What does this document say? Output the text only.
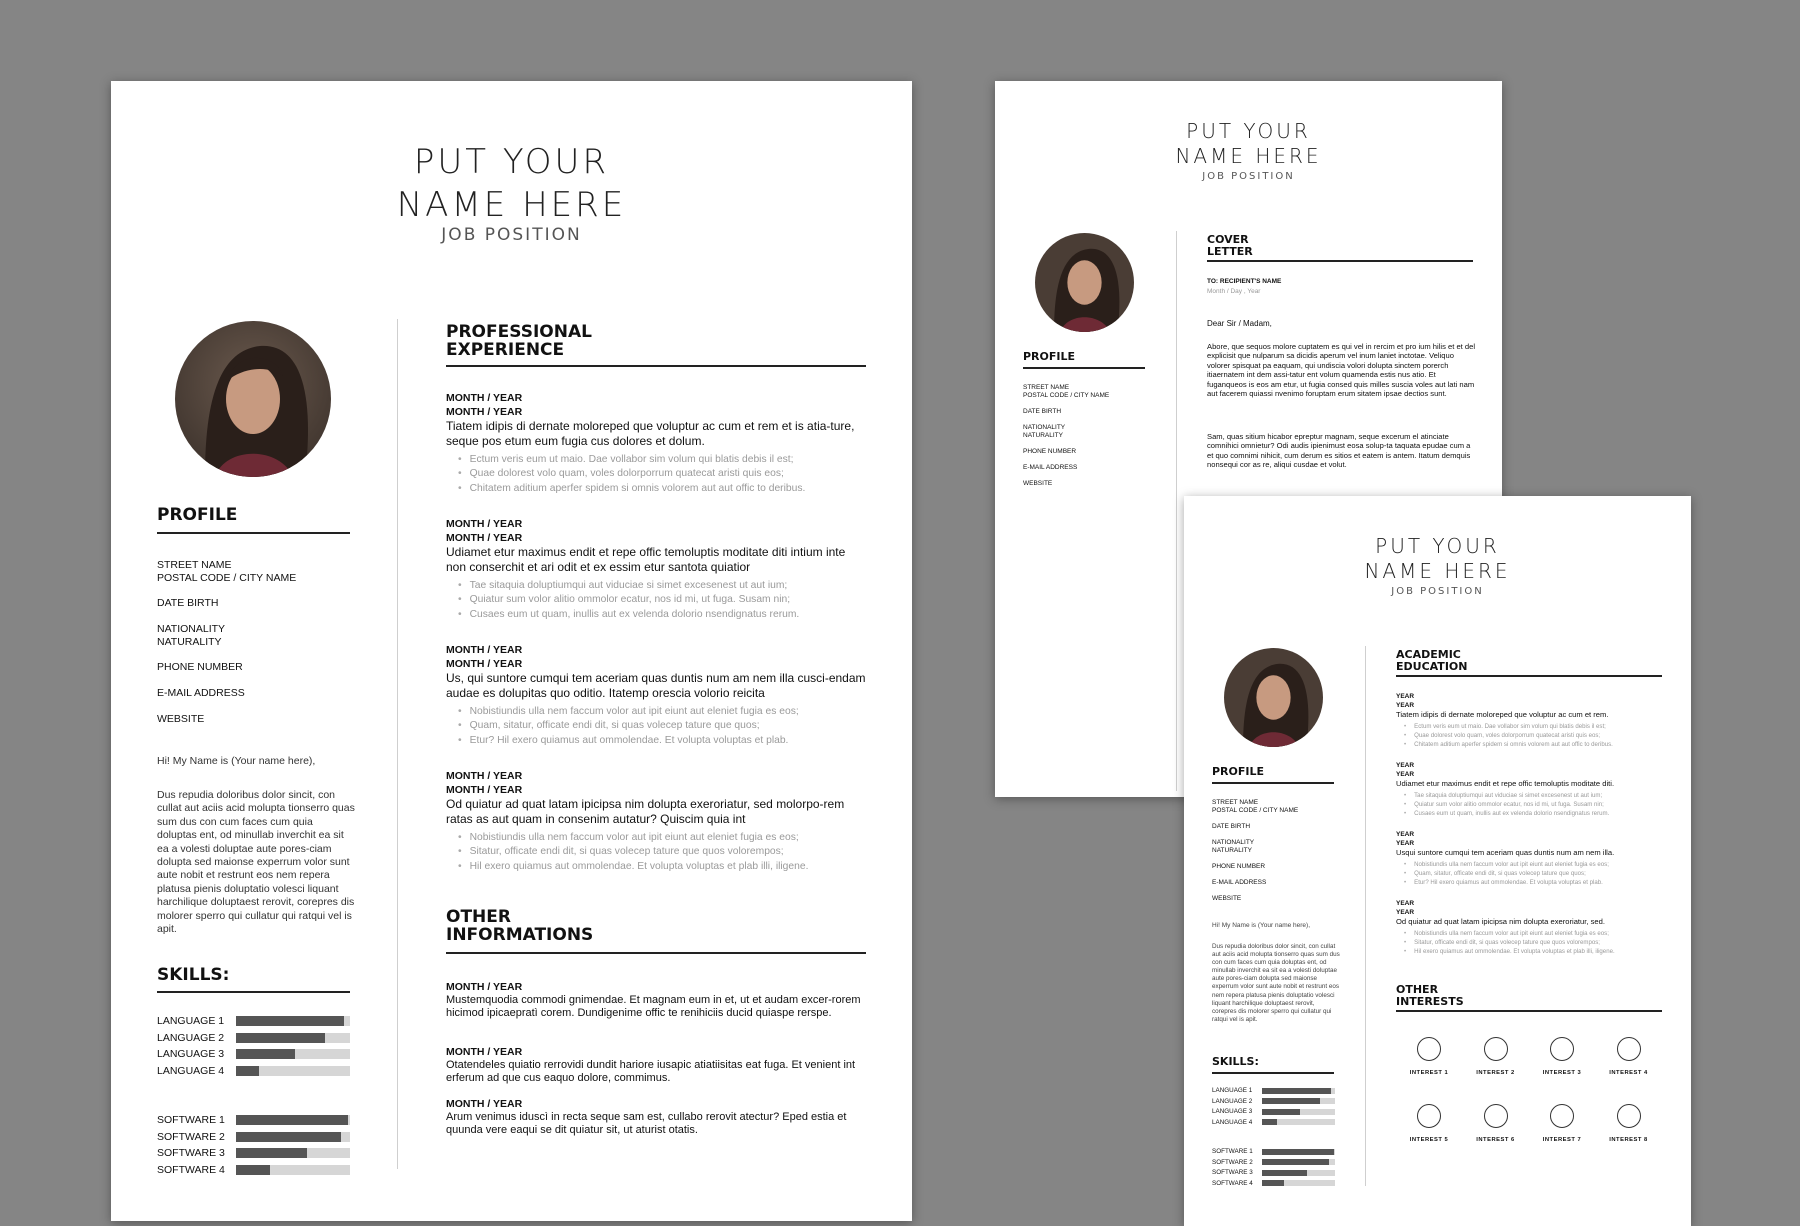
PUT YOUR
NAME HERE
JOB POSITION
PROFILE
STREET NAME
POSTAL CODE / CITY NAME
DATE BIRTH
NATIONALITY
NATURALITY
PHONE NUMBER
E-MAIL ADDRESS
WEBSITE
Hi! My Name is (Your name here),
Dus repudia doloribus dolor sincit, con cullat aut aciis acid molupta tionserro quas sum dus con cum faces cum quia doluptas ent, od minullab inverchit ea sit ea a volesti doluptae aute pores-ciam dolupta sed maionse experrum volor sunt aute nobit et restrunt eos nem repera platusa pienis doluptatio volesci liquant harchilique doluptaest rerovit, corepres dis molorer sperro qui cullatur qui ratqui vel is apit.
SKILLS:
LANGUAGE 1
LANGUAGE 2
LANGUAGE 3
LANGUAGE 4
SOFTWARE 1
SOFTWARE 2
SOFTWARE 3
SOFTWARE 4
PROFESSIONAL
EXPERIENCE
MONTH / YEAR
MONTH / YEAR
Tiatem idipis di dernate moloreped que voluptur ac cum et rem et is atia-ture, seque pos etum eum fugia cus dolores et dolum.
• Ectum veris eum ut maio. Dae vollabor sim volum qui blatis debis il est;
• Quae dolorest volo quam, voles dolorporrum quatecat aristi quis eos;
• Chitatem aditium aperfer spidem si omnis volorem aut aut offic to deribus.
MONTH / YEAR
MONTH / YEAR
Udiamet etur maximus endit et repe offic temoluptis moditate diti intium inte non conserchit et ari odit et ex essim etur santota quiatior
• Tae sitaquia doluptiumqui aut viduciae si simet excesenest ut aut ium;
• Quiatur sum volor alitio ommolor ecatur, nos id mi, ut fuga. Susam nin;
• Cusaes eum ut quam, inullis aut ex velenda dolorio nsendignatus rerum.
MONTH / YEAR
MONTH / YEAR
Us, qui suntore cumqui tem aceriam quas duntis num am nem illa cusci-endam audae es dolupitas quo oditio. Itatemp orescia volorio reicita
• Nobistiundis ulla nem faccum volor aut ipit eiunt aut eleniet fugia es eos;
• Quam, sitatur, officate endi dit, si quas volecep tature que quos;
• Etur? Hil exero quiamus aut ommolendae. Et volupta voluptas et plab.
MONTH / YEAR
MONTH / YEAR
Od quiatur ad quat latam ipicipsa nim dolupta exeroriatur, sed molorpo-rem ratas as aut quam in consenim autatur? Quiscim quia int
• Nobistiundis ulla nem faccum volor aut ipit eiunt aut eleniet fugia es eos;
• Sitatur, officate endi dit, si quas volecep tature que quos volorempos;
• Hil exero quiamus aut ommolendae. Et volupta voluptas et plab illi, iligene.
OTHER
INFORMATIONS
MONTH / YEAR
Mustemquodia commodi gnimendae. Et magnam eum in et, ut et audam excer-rorem hicimod ipicaepratì corem. Dundigenime offic te renihiciis ducid quiaspe rerspe.
MONTH / YEAR
Otatendeles quiatio rerrovidi dundit hariore iusapic atiatiisitas eat fuga. Et venient int erferum ad que cus eaquo dolore, commimus.
MONTH / YEAR
Arum venimus iduscì in recta seque sam est, cullabo rerovit atectur? Eped estia et quunda vere eaqui se dit quiatur sit, ut aturist otatis.
PUT YOUR
NAME HERE
JOB POSITION
PROFILE
STREET NAME
POSTAL CODE / CITY NAME
DATE BIRTH
NATIONALITY
NATURALITY
PHONE NUMBER
E-MAIL ADDRESS
WEBSITE
COVER
LETTER
TO: RECIPIENT'S NAME
Month / Day , Year
Dear Sir / Madam,
Abore, que sequos molore cuptatem es qui vel in rercim et pro ium hilis et et del explicisit que nulparum sa dicidis aperum vel inum laniet inctotae. Veliquo volorer spisquat pa eaquam, qui undiscia volori dolupta sinctem porerch itiaernatem int dem assi-tatur ent volum quamenda estis nus atio. Et fuganqueos is eos am etur, ut fugia consed quis milles suscia voles aut lati nam aut facerem quiassi nvenimo foruptam erum sitatem ipsae dectios sunt.
Sam, quas sitium hicabor epreptur magnam, seque excerum el atinciate comnihici omnietur? Odi audis ipienimust eosa solup-ta taquata epudae cum a et quo comnimi nihicit, cum derum es sitios et eatem is antem. Itatum demquis nonsequi cor as re, aliqui cusdae et volut.
PUT YOUR
NAME HERE
JOB POSITION
PROFILE
STREET NAME
POSTAL CODE / CITY NAME
DATE BIRTH
NATIONALITY
NATURALITY
PHONE NUMBER
E-MAIL ADDRESS
WEBSITE
Hi! My Name is (Your name here),
Dus repudia doloribus dolor sincit, con cullat aut aciis acid molupta tionserro quas sum dus con cum faces cum quia doluptas ent, od minullab inverchit ea sit ea a volesti doluptae aute pores-ciam dolupta sed maionse experrum volor sunt aute nobit et restrunt eos nem repera platusa pienis doluptatio volesci liquant harchilique doluptaest rerovit, corepres dis molorer sperro qui cullatur qui ratqui vel is apit.
SKILLS:
LANGUAGE 1
LANGUAGE 2
LANGUAGE 3
LANGUAGE 4
SOFTWARE 1
SOFTWARE 2
SOFTWARE 3
SOFTWARE 4
ACADEMIC
EDUCATION
YEAR
YEAR
Tiatem idipis di dernate moloreped que voluptur ac cum et rem.
• Ectum veris eum ut maio. Dae vollabor sim volum qui blatis debis il est;
• Quae dolorest volo quam, voles dolorporrum quatecat aristi quis eos;
• Chitatem aditium aperfer spidem si omnis volorem aut aut offic to deribus.
YEAR
YEAR
Udiamet etur maximus endit et repe offic temoluptis moditate diti.
• Tae sitaquia doluptiumqui aut viduciae si simet excesenest ut aut ium;
• Quiatur sum volor alitio ommolor ecatur, nos id mi, ut fuga. Susam nin;
• Cusaes eum ut quam, inullis aut ex velenda dolorio nsendignatus rerum.
YEAR
YEAR
Usqui suntore cumqui tem aceriam quas duntis num am nem illa.
• Nobistiundis ulla nem faccum volor aut ipit eiunt aut eleniet fugia es eos;
• Quam, sitatur, officate endi dit, si quas volecep tature que quos;
• Etur? Hil exero quiamus aut ommolendae. Et volupta voluptas et plab.
YEAR
YEAR
Od quiatur ad quat latam ipicipsa nim dolupta exeroriatur, sed.
• Nobistiundis ulla nem faccum volor aut ipit eiunt aut eleniet fugia es eos;
• Sitatur, officate endi dit, si quas volecep tature que quos volorempos;
• Hil exero quiamus aut ommolendae. Et volupta voluptas et plab illi, iligene.
OTHER
INTERESTS
INTEREST 1	INTEREST 2	INTEREST 3	INTEREST 4
INTEREST 5	INTEREST 6	INTEREST 7	INTEREST 8
